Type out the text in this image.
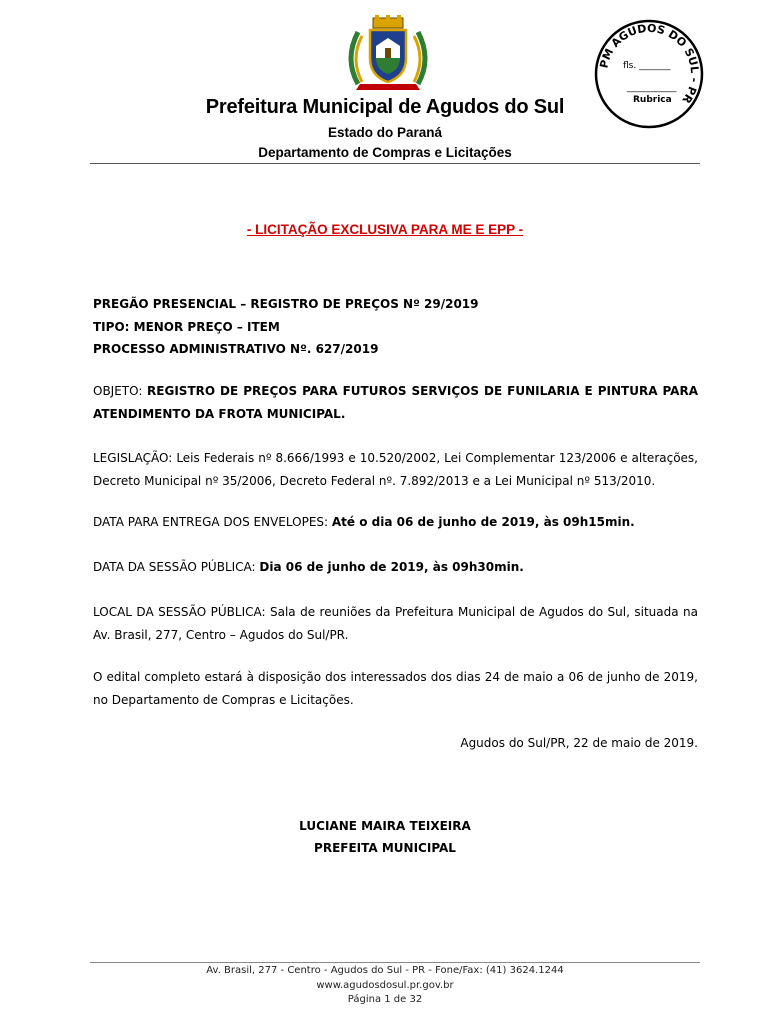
PM AGUDOS DO SUL - PR
fls. _______
___________
Rubrica
Prefeitura Municipal de Agudos do Sul
Estado do Paraná
Departamento de Compras e Licitações
- LICITAÇÃO EXCLUSIVA PARA ME E EPP -
PREGÃO PRESENCIAL – REGISTRO DE PREÇOS Nº 29/2019
TIPO: MENOR PREÇO – ITEM
PROCESSO ADMINISTRATIVO Nº. 627/2019
OBJETO: REGISTRO DE PREÇOS PARA FUTUROS SERVIÇOS DE FUNILARIA E PINTURA PARA ATENDIMENTO DA FROTA MUNICIPAL.
LEGISLAÇÃO: Leis Federais nº 8.666/1993 e 10.520/2002, Lei Complementar 123/2006 e alterações, Decreto Municipal nº 35/2006, Decreto Federal nº. 7.892/2013 e a Lei Municipal nº 513/2010.
DATA PARA ENTREGA DOS ENVELOPES: Até o dia 06 de junho de 2019, às 09h15min.
DATA DA SESSÃO PÚBLICA: Dia 06 de junho de 2019, às 09h30min.
LOCAL DA SESSÃO PÚBLICA: Sala de reuniões da Prefeitura Municipal de Agudos do Sul, situada na Av. Brasil, 277, Centro – Agudos do Sul/PR.
O edital completo estará à disposição dos interessados dos dias 24 de maio a 06 de junho de 2019, no Departamento de Compras e Licitações.
Agudos do Sul/PR, 22 de maio de 2019.
LUCIANE MAIRA TEIXEIRA
PREFEITA MUNICIPAL
Av. Brasil, 277 - Centro - Agudos do Sul - PR - Fone/Fax: (41) 3624.1244
www.agudosdosul.pr.gov.br
Página 1 de 32
